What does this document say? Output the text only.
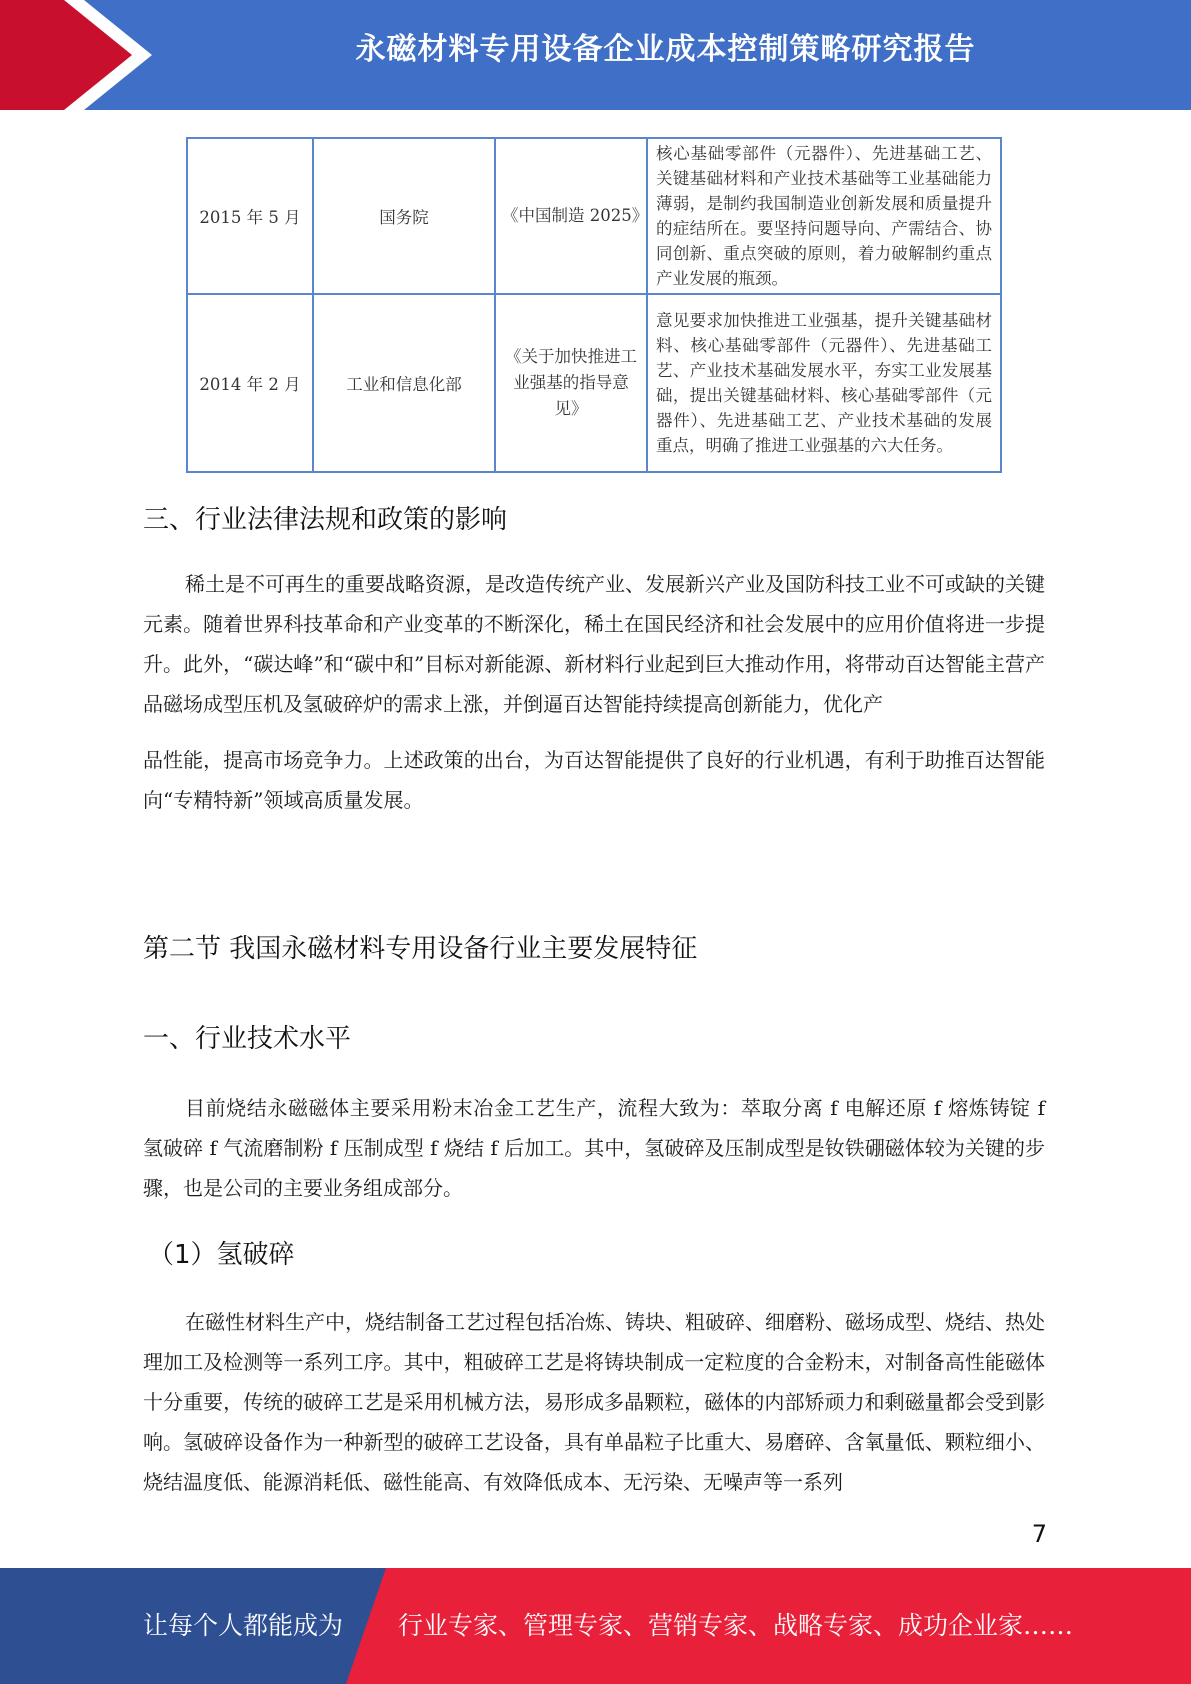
永磁材料专用设备企业成本控制策略研究报告
2015 年 5 月	国务院	《中国制造 2025》	核心基础零部件（元器件）、先进基础工艺、关键基础材料和产业技术基础等工业基础能力薄弱，是制约我国制造业创新发展和质量提升的症结所在。要坚持问题导向、产需结合、协同创新、重点突破的原则，着力破解制约重点产业发展的瓶颈。
2014 年 2 月	工业和信息化部	《关于加快推进工业强基的指导意见》	意见要求加快推进工业强基，提升关键基础材料、核心基础零部件（元器件）、先进基础工艺、产业技术基础发展水平，夯实工业发展基础，提出关键基础材料、核心基础零部件（元器件）、先进基础工艺、产业技术基础的发展重点，明确了推进工业强基的六大任务。
三、行业法律法规和政策的影响

稀土是不可再生的重要战略资源，是改造传统产业、发展新兴产业及国防科技工业不可或缺的关键元素。随着世界科技革命和产业变革的不断深化，稀土在国民经济和社会发展中的应用价值将进一步提升。此外，“碳达峰”和“碳中和”目标对新能源、新材料行业起到巨大推动作用，将带动百达智能主营产品磁场成型压机及氢破碎炉的需求上涨，并倒逼百达智能持续提高创新能力，优化产

品性能，提高市场竞争力。上述政策的出台，为百达智能提供了良好的行业机遇，有利于助推百达智能向“专精特新”领域高质量发展。

第二节 我国永磁材料专用设备行业主要发展特征
一、行业技术水平

目前烧结永磁磁体主要采用粉末冶金工艺生产，流程大致为：萃取分离 f 电解还原 f 熔炼铸锭 f 氢破碎 f 气流磨制粉 f 压制成型 f 烧结 f 后加工。其中，氢破碎及压制成型是钕铁硼磁体较为关键的步骤，也是公司的主要业务组成部分。

（1）氢破碎

在磁性材料生产中，烧结制备工艺过程包括冶炼、铸块、粗破碎、细磨粉、磁场成型、烧结、热处理加工及检测等一系列工序。其中，粗破碎工艺是将铸块制成一定粒度的合金粉末，对制备高性能磁体十分重要，传统的破碎工艺是采用机械方法，易形成多晶颗粒，磁体的内部矫顽力和剩磁量都会受到影响。氢破碎设备作为一种新型的破碎工艺设备，具有单晶粒子比重大、易磨碎、含氧量低、颗粒细小、烧结温度低、能源消耗低、磁性能高、有效降低成本、无污染、无噪声等一系列

7
让每个人都能成为 行业专家、管理专家、营销专家、战略专家、成功企业家……
